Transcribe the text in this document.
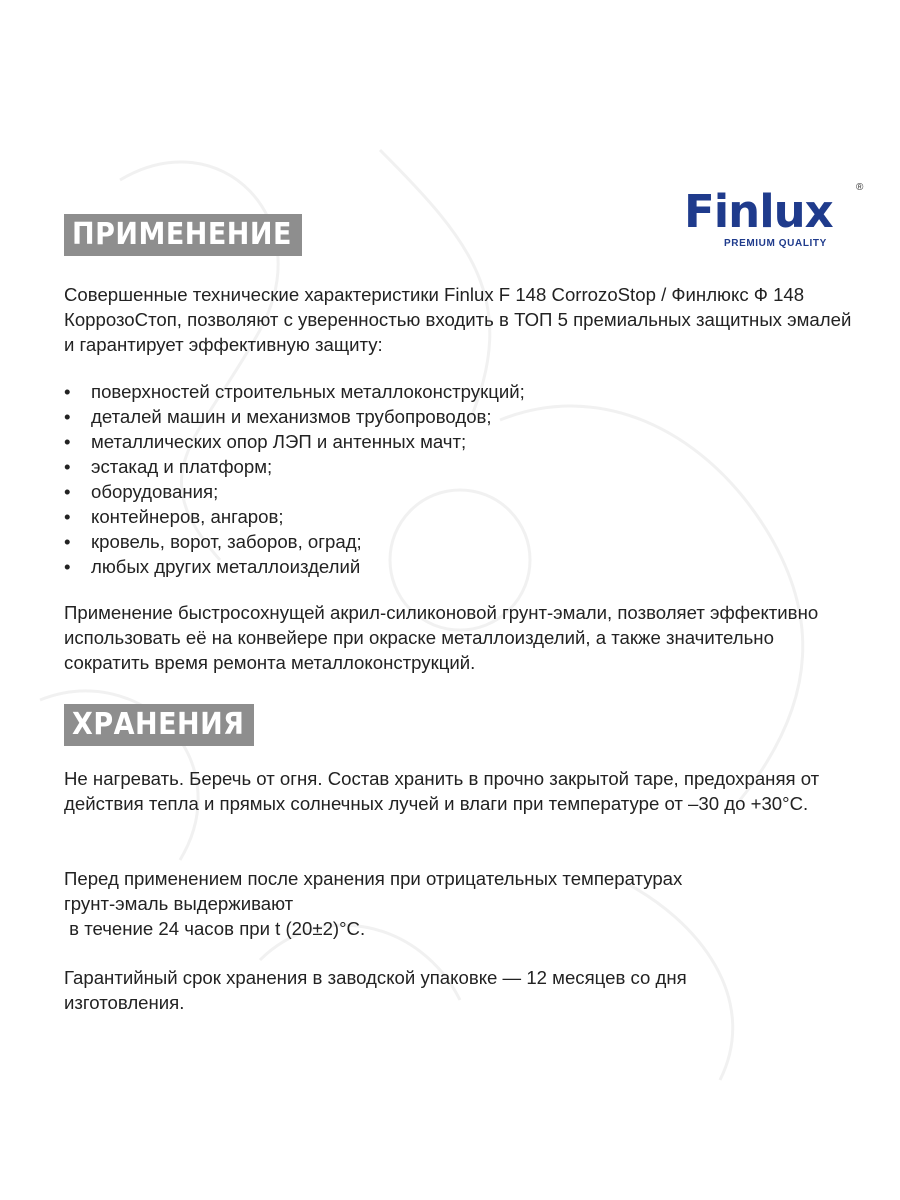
Finlux ®
PREMIUM QUALITY
ПРИМЕНЕНИЕ
Совершенные технические характеристики Finlux F 148 CorrozoStop / Финлюкс Ф 148 КоррозоСтоп, позволяют с уверенностью входить в ТОП 5 премиальных защитных эмалей и гарантирует эффективную защиту:
• поверхностей строительных металлоконструкций;
• деталей машин и механизмов трубопроводов;
• металлических опор ЛЭП и антенных мачт;
• эстакад и платформ;
• оборудования;
• контейнеров, ангаров;
• кровель, ворот, заборов, оград;
• любых других металлоизделий
Применение быстросохнущей акрил-силиконовой грунт-эмали, позволяет эффективно использовать её на конвейере при окраске металлоизделий, а также значительно сократить время ремонта металлоконструкций.
ХРАНЕНИЯ
Не нагревать. Беречь от огня. Состав хранить в прочно закрытой таре, предохраняя от действия тепла и прямых солнечных лучей и влаги при температуре от –30 до +30°С.
Перед применением после хранения при отрицательных температурах
грунт-эмаль выдерживают
в течение 24 часов при t (20±2)°С.
Гарантийный срок хранения в заводской упаковке — 12 месяцев со дня изготовления.
